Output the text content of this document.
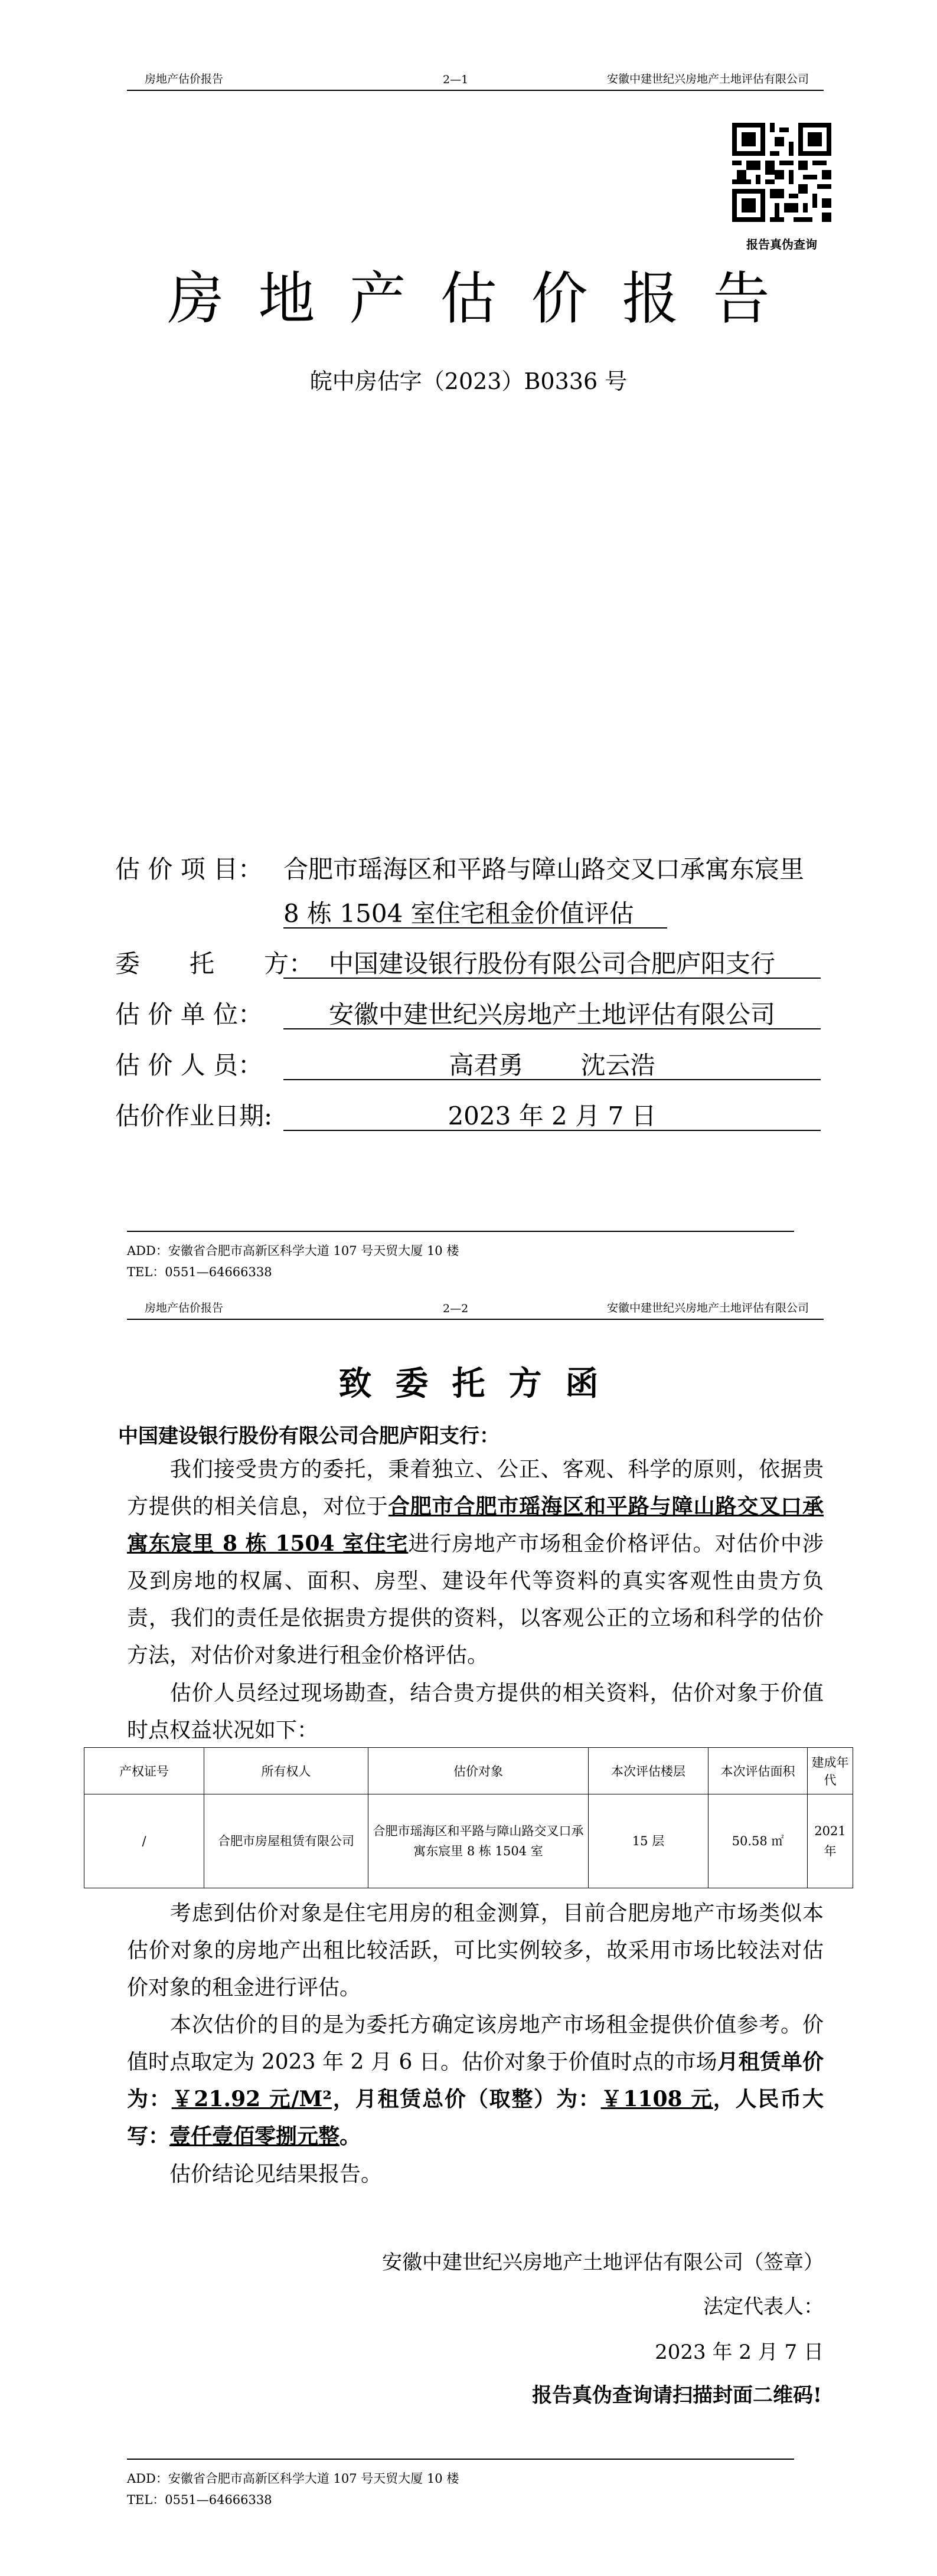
房地产估价报告	2—1	安徽中建世纪兴房地产土地评估有限公司
报告真伪查询
房地产估价报告
皖中房估字（2023）B0336 号
估 价 项 目： 合肥市瑶海区和平路与障山路交叉口承寓东宸里
8 栋 1504 室住宅租金价值评估
委　　托　　方： 中国建设银行股份有限公司合肥庐阳支行
估 价 单 位：	安徽中建世纪兴房地产土地评估有限公司
估 价 人 员：	高君勇　　 沈云浩
估价作业日期:	2023 年 2 月 7 日
ADD：安徽省合肥市高新区科学大道 107 号天贸大厦 10 楼
TEL：0551—64666338
房地产估价报告	2—2	安徽中建世纪兴房地产土地评估有限公司
致委托方函
中国建设银行股份有限公司合肥庐阳支行：
我们接受贵方的委托，秉着独立、公正、客观、科学的原则，依据贵方提供的相关信息，对位于合肥市合肥市瑶海区和平路与障山路交叉口承寓东宸里 8 栋 1504 室住宅进行房地产市场租金价格评估。对估价中涉及到房地的权属、面积、房型、建设年代等资料的真实客观性由贵方负责，我们的责任是依据贵方提供的资料，以客观公正的立场和科学的估价方法，对估价对象进行租金价格评估。
估价人员经过现场勘查，结合贵方提供的相关资料，估价对象于价值时点权益状况如下：
产权证号	所有权人	估价对象	本次评估楼层	本次评估面积	建成年代
/	合肥市房屋租赁有限公司	合肥市瑶海区和平路与障山路交叉口承寓东宸里 8 栋 1504 室	15 层	50.58 ㎡	2021 年
考虑到估价对象是住宅用房的租金测算，目前合肥房地产市场类似本估价对象的房地产出租比较活跃，可比实例较多，故采用市场比较法对估价对象的租金进行评估。
本次估价的目的是为委托方确定该房地产市场租金提供价值参考。价值时点取定为 2023 年 2 月 6 日。估价对象于价值时点的市场月租赁单价为：￥21.92 元/M²，月租赁总价（取整）为：￥1108 元，人民币大写：壹仟壹佰零捌元整。
估价结论见结果报告。
安徽中建世纪兴房地产土地评估有限公司（签章）
法定代表人：
2023 年 2 月 7 日
报告真伪查询请扫描封面二维码!
ADD：安徽省合肥市高新区科学大道 107 号天贸大厦 10 楼
TEL：0551—64666338
